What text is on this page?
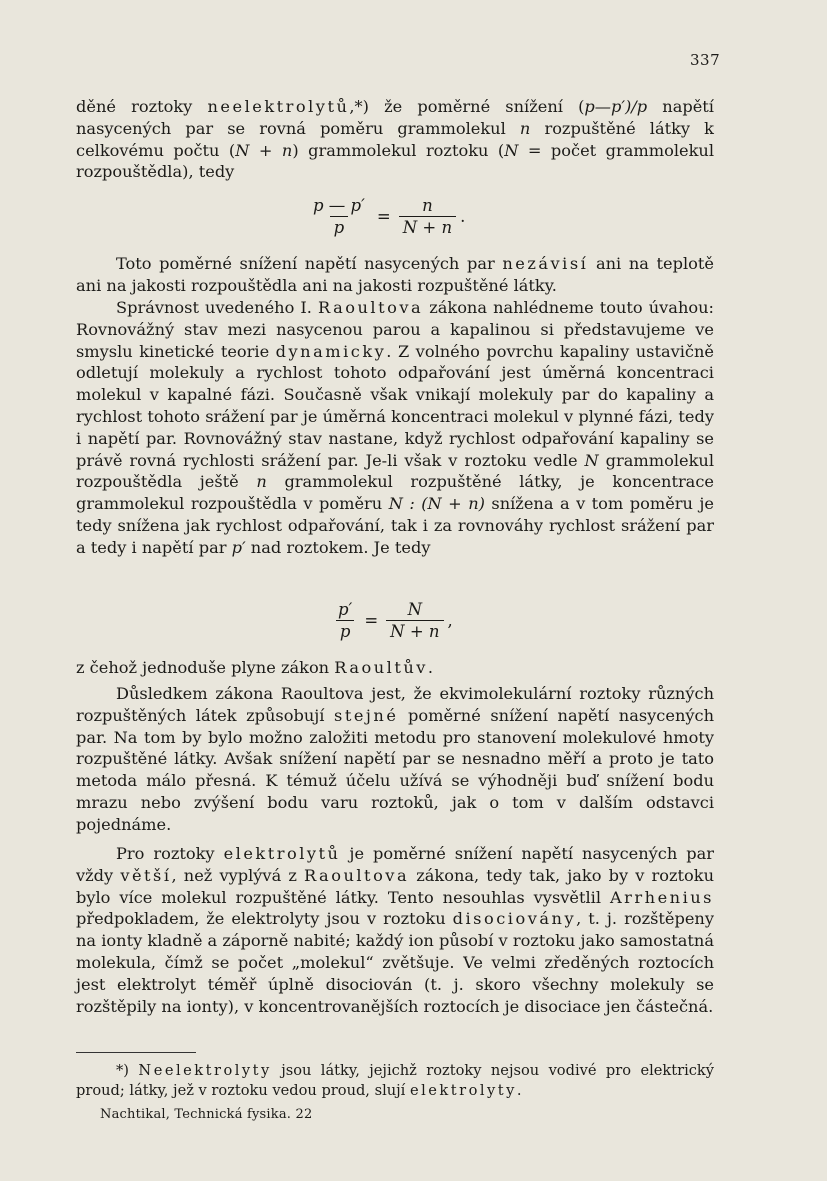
337

děné roztoky neelektrolytů,*) že poměrné snížení (p—p′)/p napětí nasycených par se rovná poměru grammolekul n rozpuštěné látky k celkovému počtu (N + n) grammolekul roztoku (N = počet grammolekul rozpouštědla), tedy

$\frac{p — p'}{p} = \frac{n}{N + n}$ .

Toto poměrné snížení napětí nasycených par nezávisí ani na teplotě ani na jakosti rozpouštědla ani na jakosti rozpuštěné látky.

Správnost uvedeného I. Raoultova zákona nahlédneme touto úvahou: Rovnovážný stav mezi nasycenou parou a kapalinou si představujeme ve smyslu kinetické teorie dynamicky. Z volného povrchu kapaliny ustavičně odletují molekuly a rychlost tohoto odpařování jest úměrná koncentraci molekul v kapalné fázi. Současně však vnikají molekuly par do kapaliny a rychlost tohoto srážení par je úměrná koncentraci molekul v plynné fázi, tedy i napětí par. Rovnovážný stav nastane, když rychlost odpařování kapaliny se právě rovná rychlosti srážení par. Je-li však v roztoku vedle N grammolekul rozpouštědla ještě n grammolekul rozpuštěné látky, je koncentrace grammolekul rozpouštědla v poměru N : (N + n) snížena a v tom poměru je tedy snížena jak rychlost odpařování, tak i za rovnováhy rychlost srážení par a tedy i napětí par p′ nad roztokem. Je tedy

$\frac{p'}{p} = \frac{N}{N + n}$ ,

z čehož jednoduše plyne zákon Raoultův.

Důsledkem zákona Raoultova jest, že ekvimolekulární roztoky různých rozpuštěných látek způsobují stejné poměrné snížení napětí nasycených par. Na tom by bylo možno založiti metodu pro stanovení molekulové hmoty rozpuštěné látky. Avšak snížení napětí par se nesnadno měří a proto je tato metoda málo přesná. K témuž účelu užívá se výhodněji buď snížení bodu mrazu nebo zvýšení bodu varu roztoků, jak o tom v dalším odstavci pojednáme.

Pro roztoky elektrolytů je poměrné snížení napětí nasycených par vždy větší, než vyplývá z Raoultova zákona, tedy tak, jako by v roztoku bylo více molekul rozpuštěné látky. Tento nesouhlas vysvětlil Arrhenius předpokladem, že elektrolyty jsou v roztoku disociovány, t. j. rozštěpeny na ionty kladně a záporně nabité; každý ion působí v roztoku jako samostatná molekula, čímž se počet „molekul“ zvětšuje. Ve velmi zředěných roztocích jest elektrolyt téměř úplně disociován (t. j. skoro všechny molekuly se rozštěpily na ionty), v koncentrovanějších roztocích je disociace jen částečná.

*) Neelektrolyty jsou látky, jejichž roztoky nejsou vodivé pro elektrický proud; látky, jež v roztoku vedou proud, slují elektrolyty.

Nachtikal, Technická fysika. 22
